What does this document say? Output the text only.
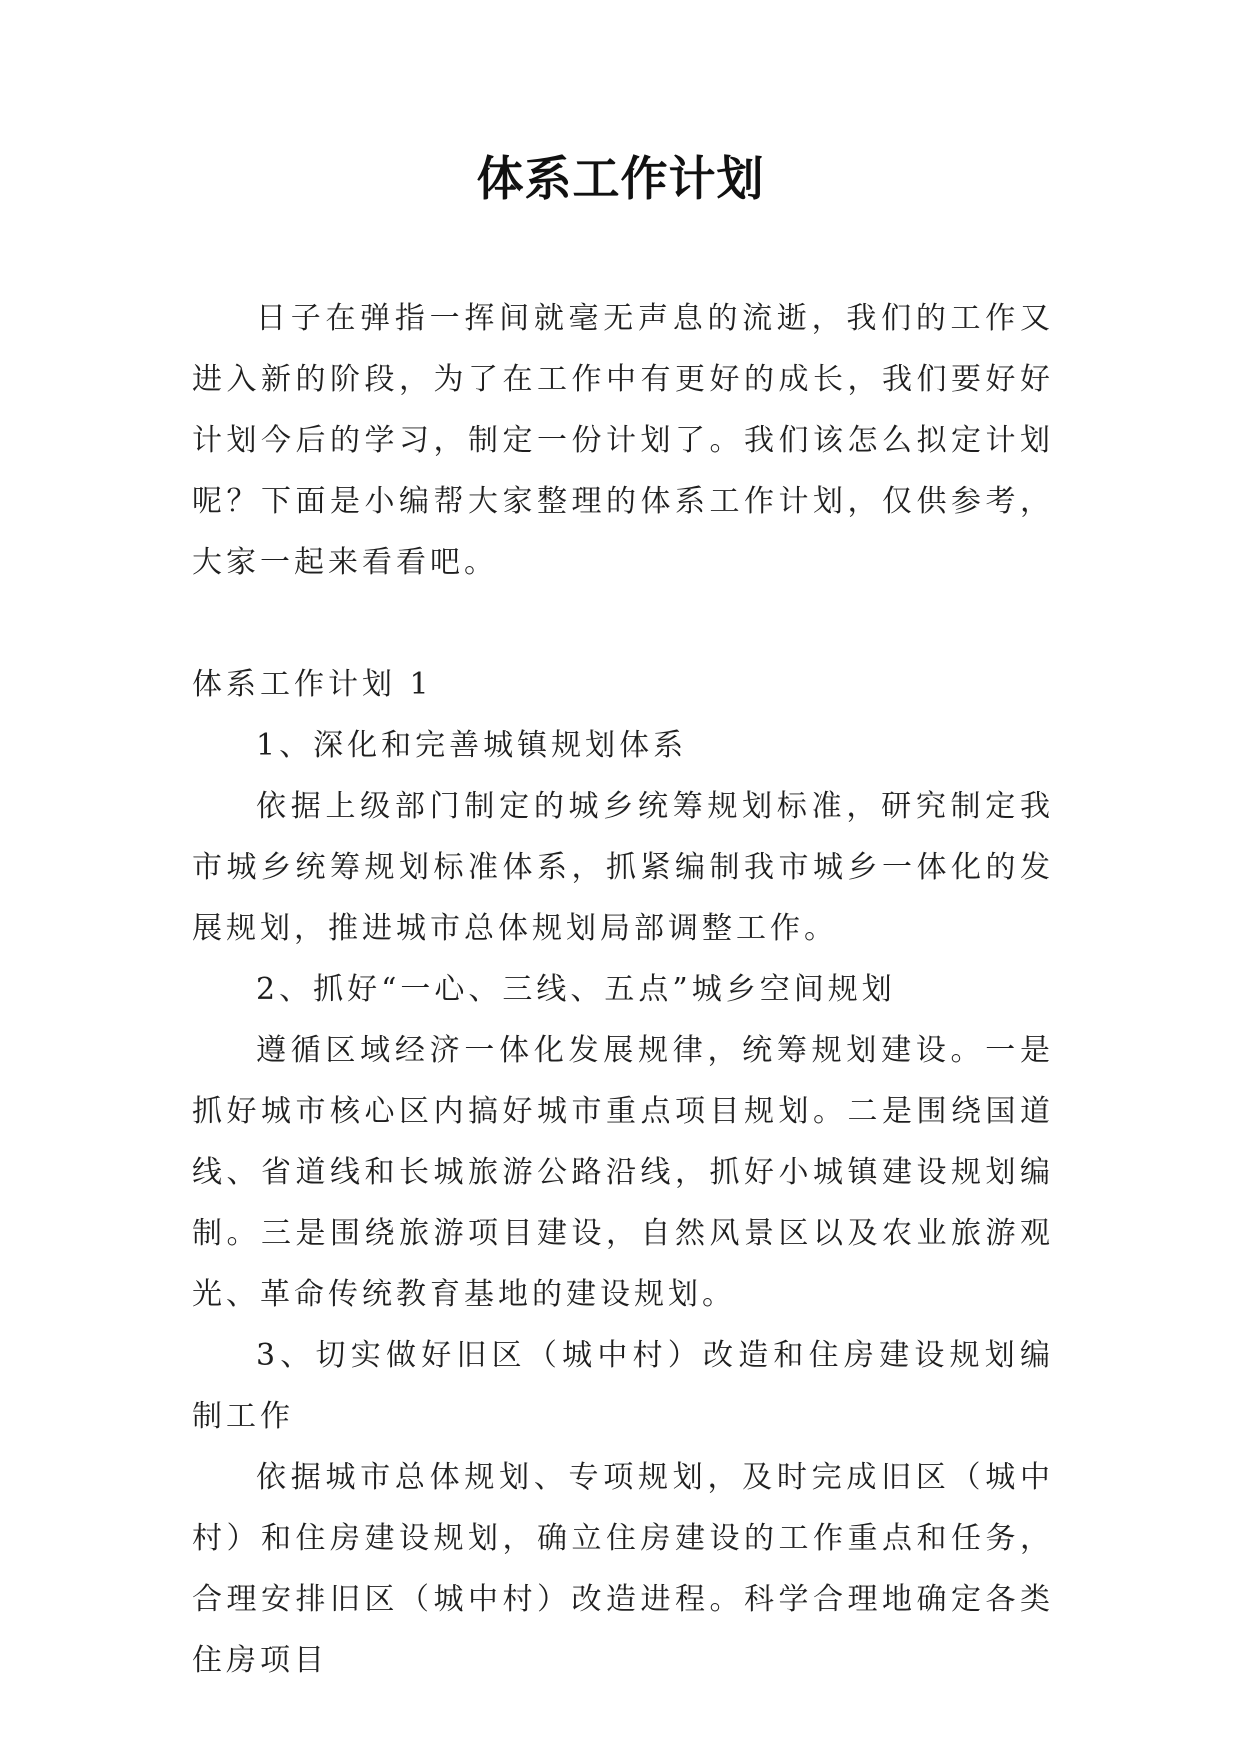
体系工作计划

日子在弹指一挥间就毫无声息的流逝，我们的工作又进入新的阶段，为了在工作中有更好的成长，我们要好好计划今后的学习，制定一份计划了。我们该怎么拟定计划呢？下面是小编帮大家整理的体系工作计划，仅供参考，大家一起来看看吧。

体系工作计划 1

1、深化和完善城镇规划体系

依据上级部门制定的城乡统筹规划标准，研究制定我市城乡统筹规划标准体系，抓紧编制我市城乡一体化的发展规划，推进城市总体规划局部调整工作。

2、抓好“一心、三线、五点”城乡空间规划

遵循区域经济一体化发展规律，统筹规划建设。一是抓好城市核心区内搞好城市重点项目规划。二是围绕国道线、省道线和长城旅游公路沿线，抓好小城镇建设规划编制。三是围绕旅游项目建设，自然风景区以及农业旅游观光、革命传统教育基地的建设规划。

3、切实做好旧区（城中村）改造和住房建设规划编制工作

依据城市总体规划、专项规划，及时完成旧区（城中村）和住房建设规划，确立住房建设的工作重点和任务，合理安排旧区（城中村）改造进程。科学合理地确定各类住房项目
